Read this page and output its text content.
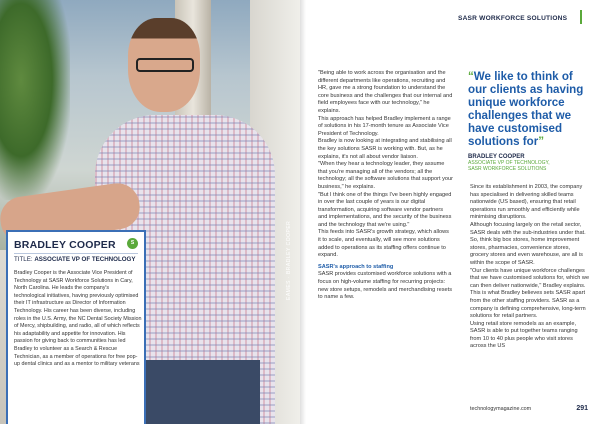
EAMES · BRADLEY COOPER
BRADLEY COOPER	S
TITLE: ASSOCIATE VP OF TECHNOLOGY
Bradley Cooper is the Associate Vice President of Technology at SASR Workforce Solutions in Cary, North Carolina. He leads the company's technological initiatives, having previously optimised their IT infrastructure as Director of Information Technology. His career has been diverse, including roles in the U.S. Army, the NC Dental Society Mission of Mercy, shipbuilding, and radio, all of which reflects his adaptability and appetite for innovation. His passion for giving back to communities has led Bradley to volunteer as a Search & Rescue Technician, as a member of operations for free pop-up dental clinics and as a mentor to military veterans
SASR WORKFORCE SOLUTIONS

"Being able to work across the organisation and the different departments like operations, recruiting and HR, gave me a strong foundation to understand the core business and the challenges that our internal and field employees face with our technology," he explains.

This approach has helped Bradley implement a range of solutions in his 17-month tenure as Associate Vice President of Technology.

Bradley is now looking at integrating and stabilising all the key solutions SASR is working with. But, as he explains, it's not all about vendor liaison.

"When they hear a technology leader, they assume that you're managing all of the vendors; all the technology; all the software solutions that support your business," he explains.

"But I think one of the things I've been highly engaged in over the last couple of years is our digital transformation, acquiring software vendor partners and implementations, and the security of the business and the technology that we're using."

This feeds into SASR's growth strategy, which allows it to scale, and eventually, will see more solutions added to operations as its staffing offers continue to expand.

SASR's approach to staffing

SASR provides customised workforce solutions with a focus on high-volume staffing for recurring projects: new store setups, remodels and merchandising resets to name a few.

“We like to think of our clients as having unique workforce challenges that we have customised solutions for”
BRADLEY COOPER
ASSOCIATE VP OF TECHNOLOGY,
SASR WORKFORCE SOLUTIONS

Since its establishment in 2003, the company has specialised in delivering skilled teams nationwide (US based), ensuring that retail operations run smoothly and efficiently while minimising disruptions.

Although focusing largely on the retail sector, SASR deals with the sub-industries under that. So, think big box stores, home improvement stores, pharmacies, convenience stores, grocery stores and even warehouse, are all is within the scope of SASR.

"Our clients have unique workforce challenges that we have customised solutions for, which we can then deliver nationwide," Bradley explains.

This is what Bradley believes sets SASR apart from the other staffing providers. SASR as a company is defining comprehensive, long-term solutions for retail partners.

Using retail store remodels as an example, SASR is able to put together teams ranging from 10 to 40 plus people who visit stores across the US

technologymagazine.com	291
